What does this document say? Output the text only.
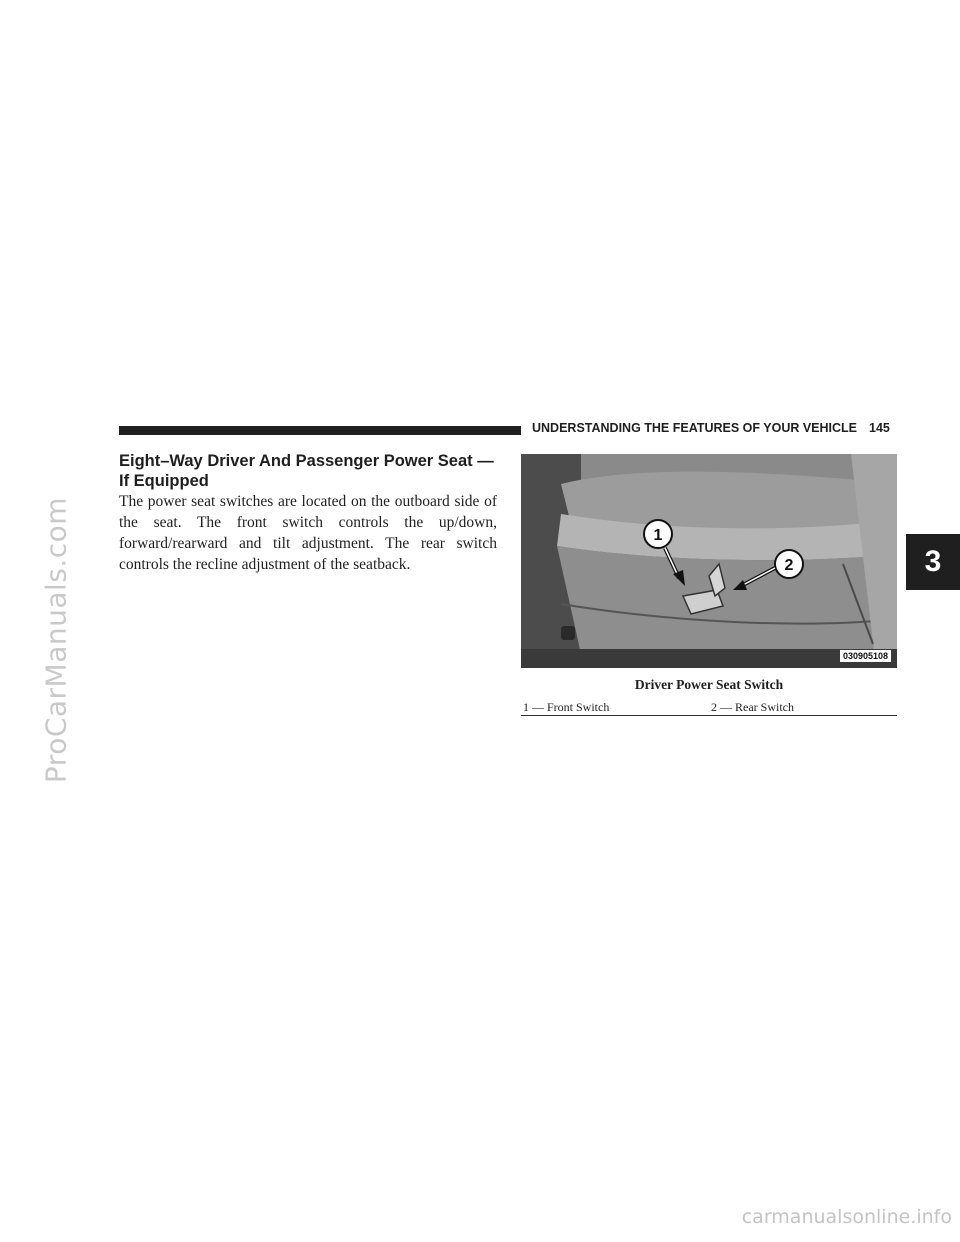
ProCarManuals.com
UNDERSTANDING THE FEATURES OF YOUR VEHICLE 145
3
Eight–Way Driver And Passenger Power Seat — If Equipped

The power seat switches are located on the outboard side of the seat. The front switch controls the up/down, forward/rearward and tilt adjustment. The rear switch controls the recline adjustment of the seatback.

1
2
030905108
Driver Power Seat Switch
1 — Front Switch	2 — Rear Switch
carmanualsonline.info
